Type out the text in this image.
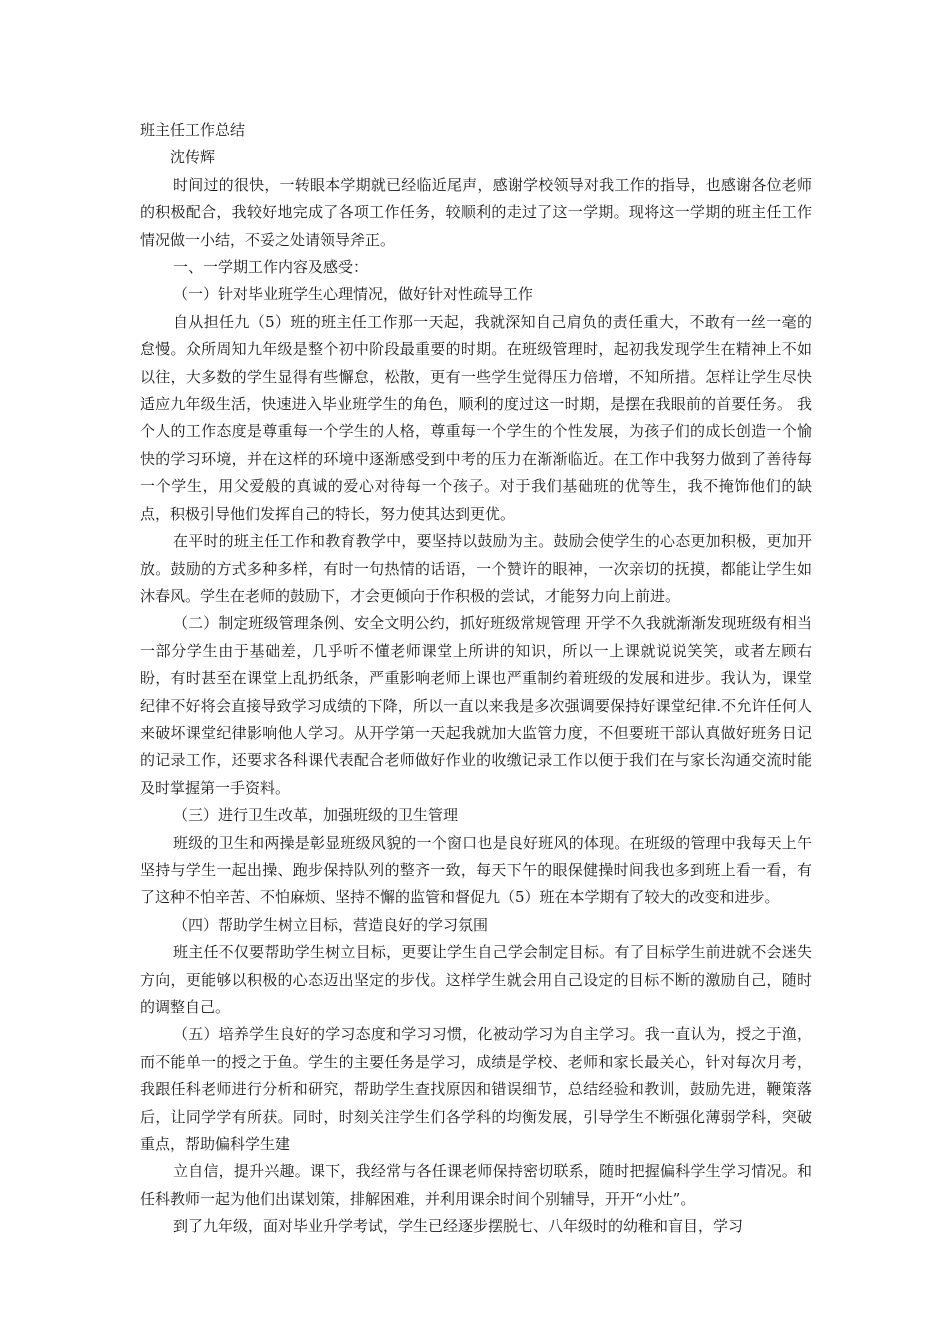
班主任工作总结

沈传辉

时间过的很快，一转眼本学期就已经临近尾声，感谢学校领导对我工作的指导，也感谢各位老师的积极配合，我较好地完成了各项工作任务，较顺利的走过了这一学期。现将这一学期的班主任工作情况做一小结，不妥之处请领导斧正。

一、一学期工作内容及感受：

（一）针对毕业班学生心理情况，做好针对性疏导工作

自从担任九（5）班的班主任工作那一天起，我就深知自己肩负的责任重大，不敢有一丝一毫的怠慢。众所周知九年级是整个初中阶段最重要的时期。在班级管理时，起初我发现学生在精神上不如以往，大多数的学生显得有些懈怠，松散，更有一些学生觉得压力倍增，不知所措。怎样让学生尽快适应九年级生活，快速进入毕业班学生的角色，顺利的度过这一时期，是摆在我眼前的首要任务。 我个人的工作态度是尊重每一个学生的人格，尊重每一个学生的个性发展，为孩子们的成长创造一个愉快的学习环境，并在这样的环境中逐渐感受到中考的压力在渐渐临近。在工作中我努力做到了善待每一个学生，用父爱般的真诚的爱心对待每一个孩子。对于我们基础班的优等生，我不掩饰他们的缺点，积极引导他们发挥自己的特长，努力使其达到更优。

在平时的班主任工作和教育教学中，要坚持以鼓励为主。鼓励会使学生的心态更加积极，更加开放。鼓励的方式多种多样，有时一句热情的话语，一个赞许的眼神，一次亲切的抚摸，都能让学生如沐春风。学生在老师的鼓励下，才会更倾向于作积极的尝试，才能努力向上前进。

（二）制定班级管理条例、安全文明公约，抓好班级常规管理 开学不久我就渐渐发现班级有相当一部分学生由于基础差，几乎听不懂老师课堂上所讲的知识，所以一上课就说说笑笑，或者左顾右盼，有时甚至在课堂上乱扔纸条，严重影响老师上课也严重制约着班级的发展和进步。我认为，课堂纪律不好将会直接导致学习成绩的下降，所以一直以来我是多次强调要保持好课堂纪律.不允许任何人来破坏课堂纪律影响他人学习。从开学第一天起我就加大监管力度，不但要班干部认真做好班务日记的记录工作，还要求各科课代表配合老师做好作业的收缴记录工作以便于我们在与家长沟通交流时能及时掌握第一手资料。

（三）进行卫生改革，加强班级的卫生管理

班级的卫生和两操是彰显班级风貌的一个窗口也是良好班风的体现。在班级的管理中我每天上午坚持与学生一起出操、跑步保持队列的整齐一致，每天下午的眼保健操时间我也多到班上看一看，有了这种不怕辛苦、不怕麻烦、坚持不懈的监管和督促九（5）班在本学期有了较大的改变和进步。

（四）帮助学生树立目标，营造良好的学习氛围

班主任不仅要帮助学生树立目标，更要让学生自己学会制定目标。有了目标学生前进就不会迷失方向，更能够以积极的心态迈出坚定的步伐。这样学生就会用自己设定的目标不断的激励自己，随时的调整自己。

（五）培养学生良好的学习态度和学习习惯，化被动学习为自主学习。我一直认为，授之于渔，而不能单一的授之于鱼。学生的主要任务是学习，成绩是学校、老师和家长最关心，针对每次月考，我跟任科老师进行分析和研究，帮助学生查找原因和错误细节，总结经验和教训，鼓励先进，鞭策落后，让同学学有所获。同时，时刻关注学生们各学科的均衡发展，引导学生不断强化薄弱学科，突破重点，帮助偏科学生建

立自信，提升兴趣。课下，我经常与各任课老师保持密切联系，随时把握偏科学生学习情况。和任科教师一起为他们出谋划策，排解困难，并利用课余时间个别辅导，开开“小灶”。

到了九年级，面对毕业升学考试，学生已经逐步摆脱七、八年级时的幼稚和盲目，学习
